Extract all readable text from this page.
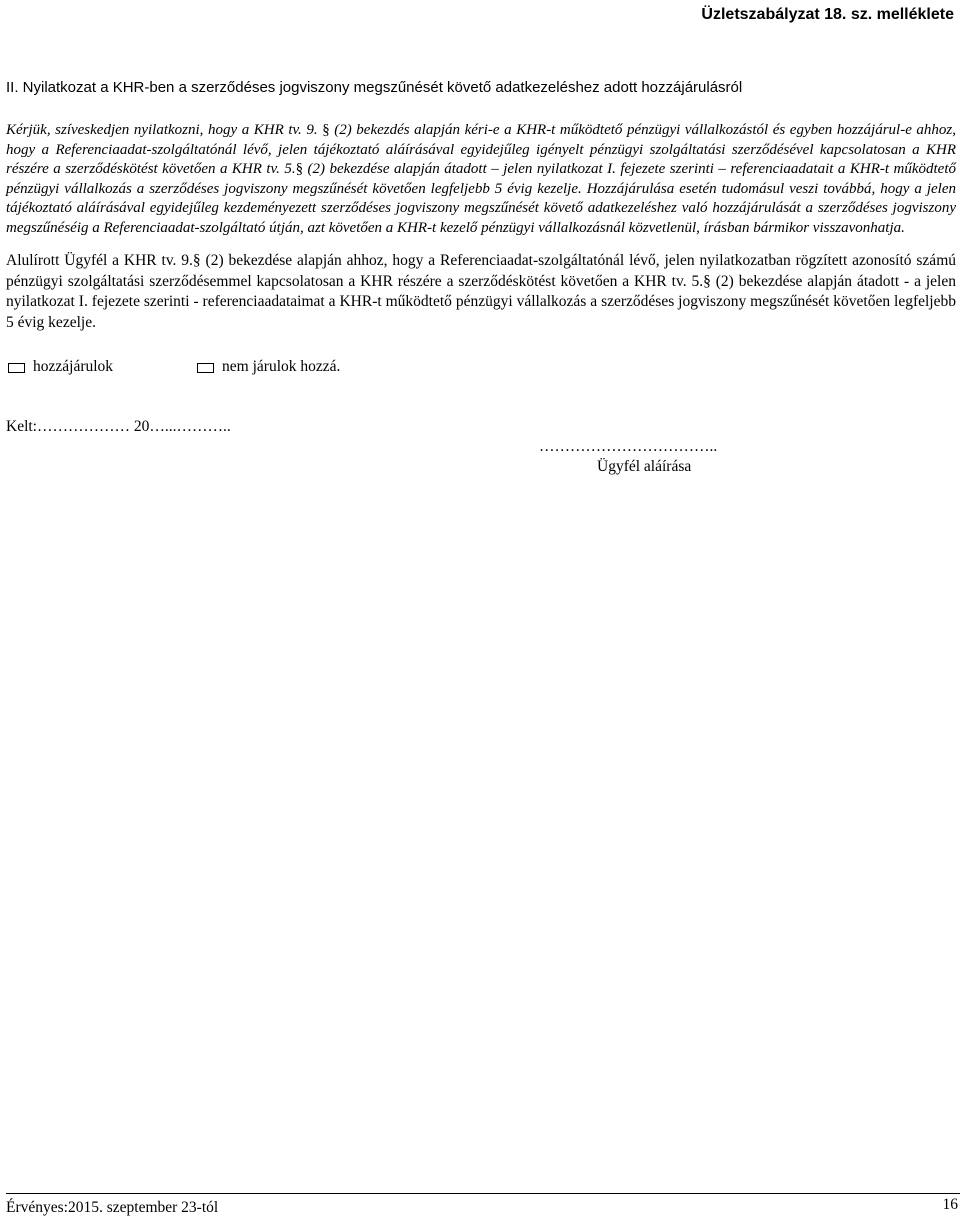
Üzletszabályzat 18. sz. melléklete
II. Nyilatkozat a KHR-ben a szerződéses jogviszony megszűnését követő adatkezeléshez adott hozzájárulásról
Kérjük, szíveskedjen nyilatkozni, hogy a KHR tv. 9. § (2) bekezdés alapján kéri-e a KHR-t működtető pénzügyi vállalkozástól és egyben hozzájárul-e ahhoz, hogy a Referenciaadat-szolgáltatónál lévő, jelen tájékoztató aláírásával egyidejűleg igényelt pénzügyi szolgáltatási szerződésével kapcsolatosan a KHR részére a szerződéskötést követően a KHR tv. 5.§ (2) bekezdése alapján átadott – jelen nyilatkozat I. fejezete szerinti – referenciaadatait a KHR-t működtető pénzügyi vállalkozás a szerződéses jogviszony megszűnését követően legfeljebb 5 évig kezelje. Hozzájárulása esetén tudomásul veszi továbbá, hogy a jelen tájékoztató aláírásával egyidejűleg kezdeményezett szerződéses jogviszony megszűnését követő adatkezeléshez való hozzájárulását a szerződéses jogviszony megszűnéséig a Referenciaadat-szolgáltató útján, azt követően a KHR-t kezelő pénzügyi vállalkozásnál közvetlenül, írásban bármikor visszavonhatja.
Alulírott Ügyfél a KHR tv. 9.§ (2) bekezdése alapján ahhoz, hogy a Referenciaadat-szolgáltatónál lévő, jelen nyilatkozatban rögzített azonosító számú pénzügyi szolgáltatási szerződésemmel kapcsolatosan a KHR részére a szerződéskötést követően a KHR tv. 5.§ (2) bekezdése alapján átadott - a jelen nyilatkozat I. fejezete szerinti - referenciaadataimat a KHR-t működtető pénzügyi vállalkozás a szerződéses jogviszony megszűnését követően legfeljebb 5 évig kezelje.
hozzájárulok	nem járulok hozzá.
Kelt:……………… 20…...………..
……………………………..
Ügyfél aláírása
Érvényes:2015. szeptember 23-tól	16
